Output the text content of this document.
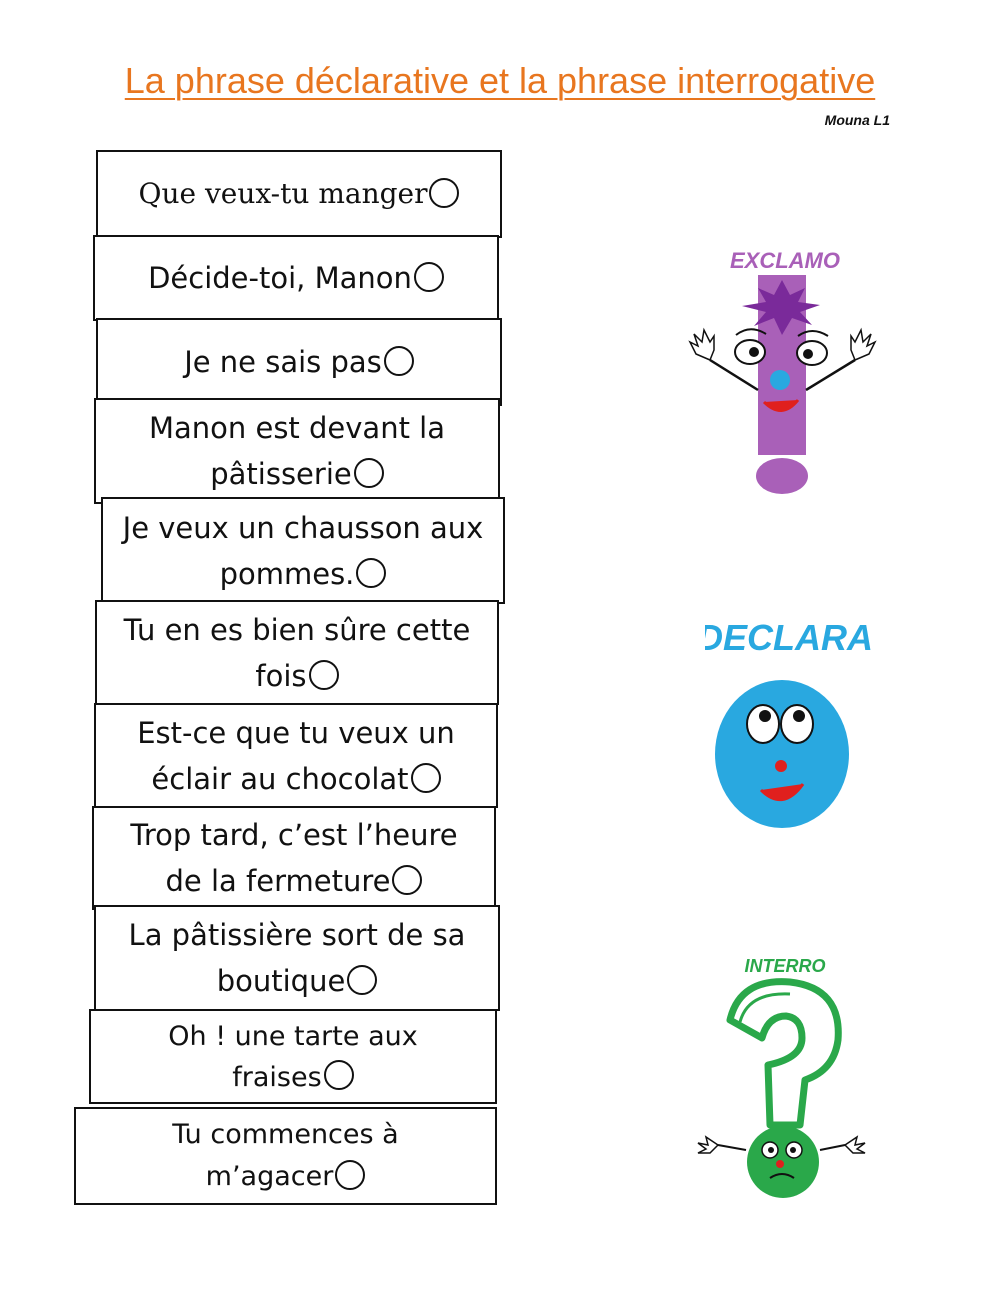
La phrase déclarative et la phrase interrogative
Mouna L1
Que veux-tu manger
Décide-toi, Manon
Je ne sais pas
Manon est devant la
pâtisserie
Je veux un chausson aux
pommes.
Tu en es bien sûre cette
fois
Est-ce que tu veux un
éclair au chocolat
Trop tard, c’est l’heure
de la fermeture
La pâtissière sort de sa
boutique
Oh ! une tarte aux
fraises
Tu commences à
m’agacer
EXCLAMO
DECLARA
INTERRO
